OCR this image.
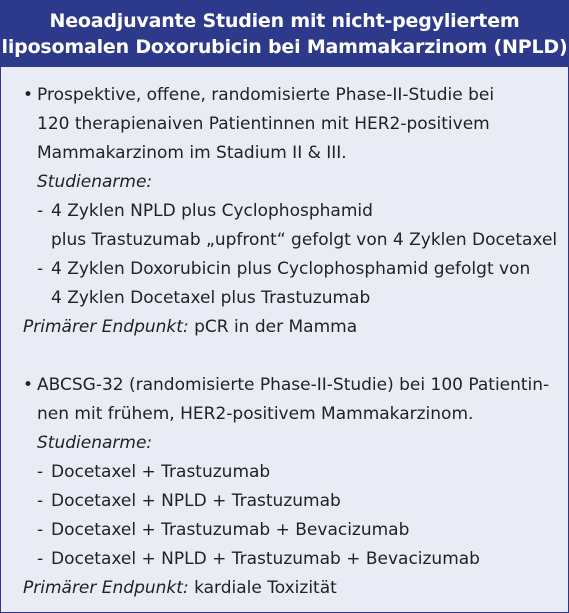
Neoadjuvante Studien mit nicht-pegyliertem
liposomalen Doxorubicin bei Mammakarzinom (NPLD)
• Prospektive, offene, randomisierte Phase-II-Studie bei
120 therapienaiven Patientinnen mit HER2-positivem
Mammakarzinom im Stadium II & III.
Studienarme:
- 4 Zyklen NPLD plus Cyclophosphamid
plus Trastuzumab „upfront“ gefolgt von 4 Zyklen Docetaxel
- 4 Zyklen Doxorubicin plus Cyclophosphamid gefolgt von
4 Zyklen Docetaxel plus Trastuzumab
Primärer Endpunkt: pCR in der Mamma
• ABCSG-32 (randomisierte Phase-II-Studie) bei 100 Patientin-
nen mit frühem, HER2-positivem Mammakarzinom.
Studienarme:
- Docetaxel + Trastuzumab
- Docetaxel + NPLD + Trastuzumab
- Docetaxel + Trastuzumab + Bevacizumab
- Docetaxel + NPLD + Trastuzumab + Bevacizumab
Primärer Endpunkt: kardiale Toxizität
